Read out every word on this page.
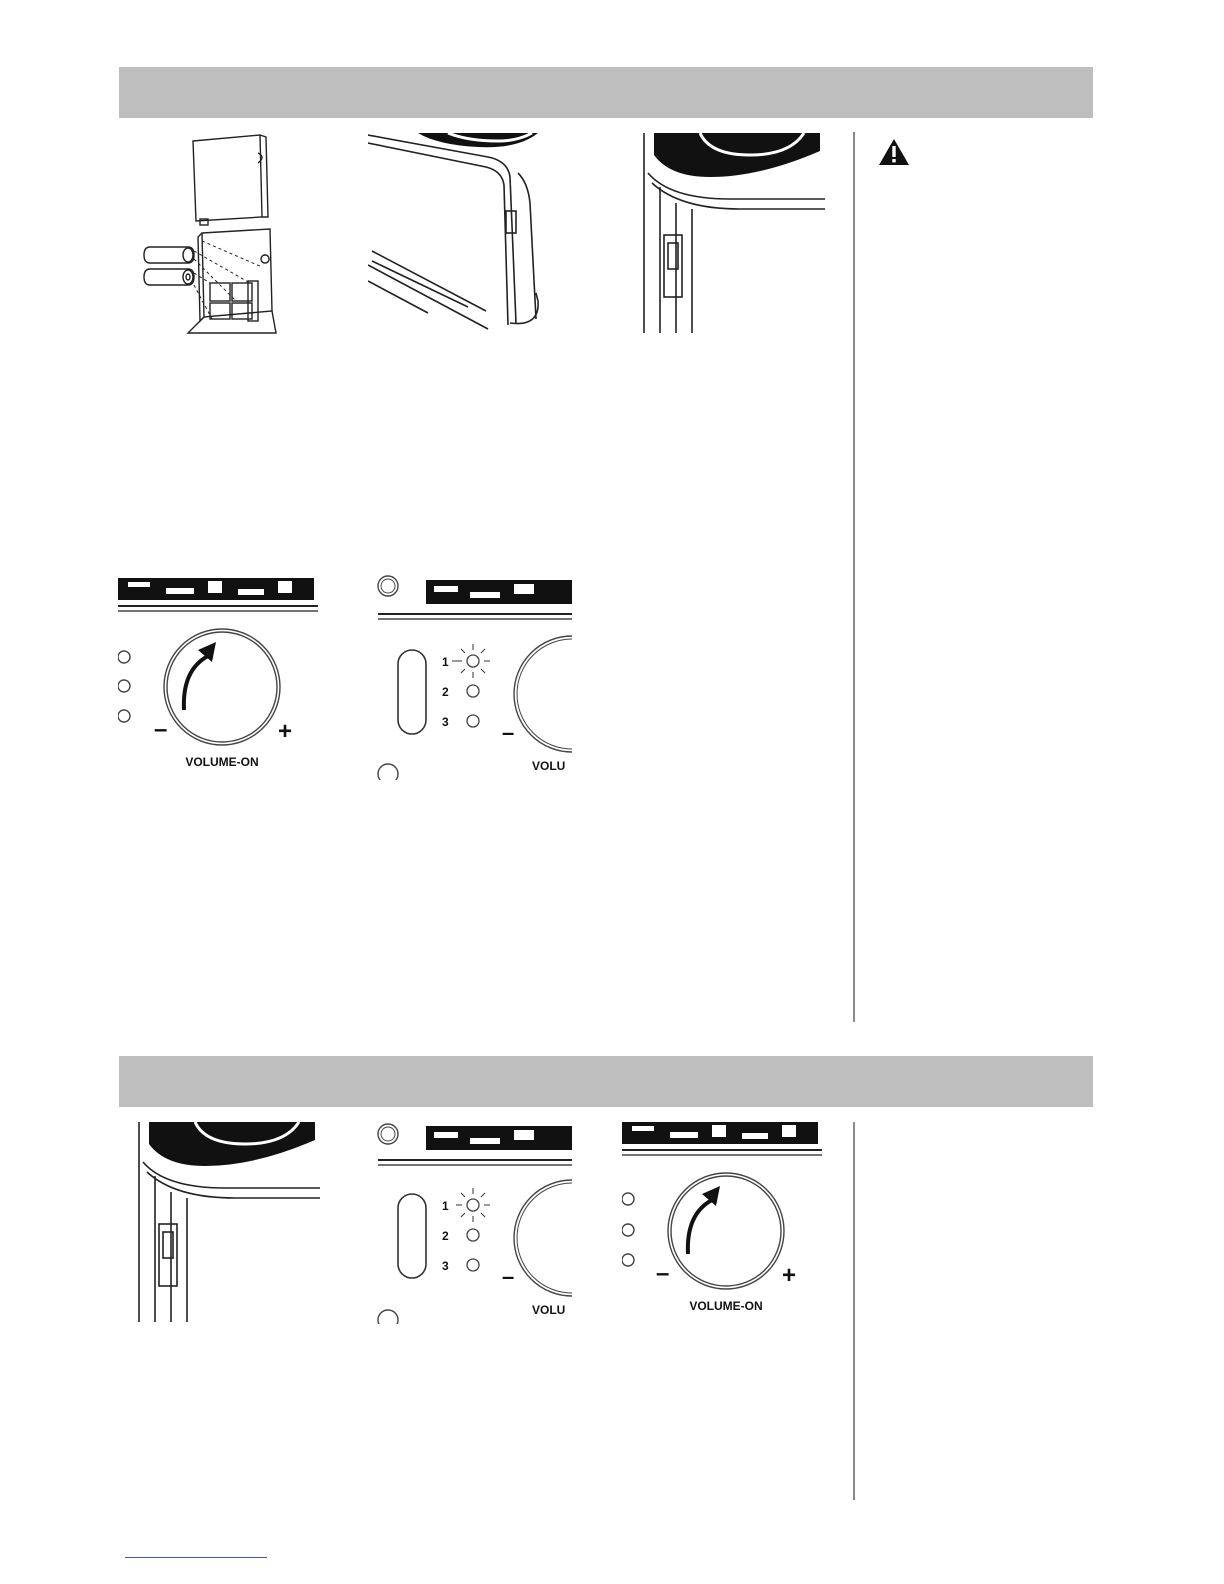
–	+
VOLUME-ON
1
2
3 –
VOLU
1
2
3 –
VOLU
–	+
VOLUME-ON
